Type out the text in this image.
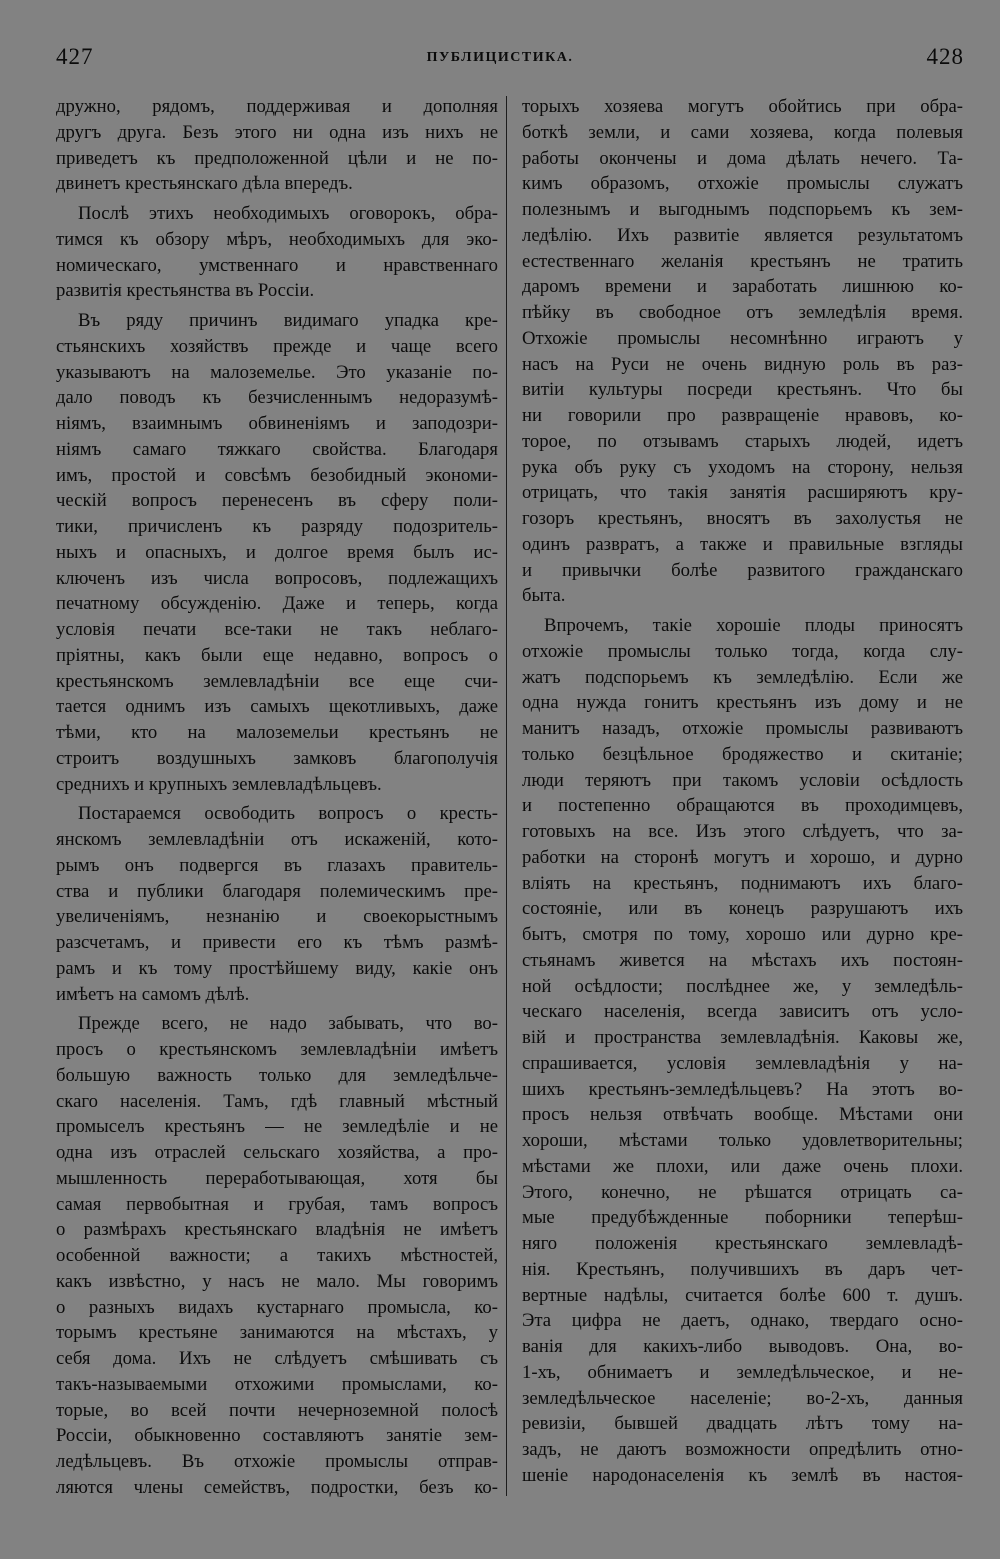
427	ПУБЛИЦИСТИКА.	428
дружно, рядомъ, поддерживая и дополняя
другъ друга. Безъ этого ни одна изъ нихъ не
приведетъ къ предположенной цѣли и не по-
двинетъ крестьянскаго дѣла впередъ.
Послѣ этихъ необходимыхъ оговорокъ, обра-
тимся къ обзору мѣръ, необходимыхъ для эко-
номическаго, умственнаго и нравственнаго
развитія крестьянства въ Россіи.
Въ ряду причинъ видимаго упадка кре-
стьянскихъ хозяйствъ прежде и чаще всего
указываютъ на малоземелье. Это указаніе по-
дало поводъ къ безчисленнымъ недоразумѣ-
ніямъ, взаимнымъ обвиненіямъ и заподозри-
ніямъ самаго тяжкаго свойства. Благодаря
имъ, простой и совсѣмъ безобидный экономи-
ческій вопросъ перенесенъ въ сферу поли-
тики, причисленъ къ разряду подозритель-
ныхъ и опасныхъ, и долгое время былъ ис-
ключенъ изъ числа вопросовъ, подлежащихъ
печатному обсужденію. Даже и теперь, когда
условія печати все-таки не такъ неблаго-
пріятны, какъ были еще недавно, вопросъ о
крестьянскомъ землевладѣніи все еще счи-
тается однимъ изъ самыхъ щекотливыхъ, даже
тѣми, кто на малоземельи крестьянъ не
строитъ воздушныхъ замковъ благополучія
среднихъ и крупныхъ землевладѣльцевъ.
Постараемся освободить вопросъ о кресть-
янскомъ землевладѣніи отъ искаженій, кото-
рымъ онъ подвергся въ глазахъ правитель-
ства и публики благодаря полемическимъ пре-
увеличеніямъ, незнанію и своекорыстнымъ
разсчетамъ, и привести его къ тѣмъ размѣ-
рамъ и къ тому простѣйшему виду, какіе онъ
имѣетъ на самомъ дѣлѣ.
Прежде всего, не надо забывать, что во-
просъ о крестьянскомъ землевладѣніи имѣетъ
большую важность только для земледѣльче-
скаго населенія. Тамъ, гдѣ главный мѣстный
промыселъ крестьянъ — не земледѣліе и не
одна изъ отраслей сельскаго хозяйства, а про-
мышленность переработывающая, хотя бы
самая первобытная и грубая, тамъ вопросъ
о размѣрахъ крестьянскаго владѣнія не имѣетъ
особенной важности; а такихъ мѣстностей,
какъ извѣстно, у насъ не мало. Мы говоримъ
о разныхъ видахъ кустарнаго промысла, ко-
торымъ крестьяне занимаются на мѣстахъ, у
себя дома. Ихъ не слѣдуетъ смѣшивать съ
такъ-называемыми отхожими промыслами, ко-
торые, во всей почти нечерноземной полосѣ
Россіи, обыкновенно составляютъ занятіе зем-
ледѣльцевъ. Въ отхожіе промыслы отправ-
ляются члены семействъ, подростки, безъ ко-
торыхъ хозяева могутъ обойтись при обра-
боткѣ земли, и сами хозяева, когда полевыя
работы окончены и дома дѣлать нечего. Та-
кимъ образомъ, отхожіе промыслы служатъ
полезнымъ и выгоднымъ подспорьемъ къ зем-
ледѣлію. Ихъ развитіе является результатомъ
естественнаго желанія крестьянъ не тратить
даромъ времени и заработать лишнюю ко-
пѣйку въ свободное отъ земледѣлія время.
Отхожіе промыслы несомнѣнно играютъ у
насъ на Руси не очень видную роль въ раз-
витіи культуры посреди крестьянъ. Что бы
ни говорили про развращеніе нравовъ, ко-
торое, по отзывамъ старыхъ людей, идетъ
рука объ руку съ уходомъ на сторону, нельзя
отрицать, что такія занятія расширяютъ кру-
гозоръ крестьянъ, вносятъ въ захолустья не
одинъ развратъ, а также и правильные взгляды
и привычки болѣе развитого гражданскаго
быта.
Впрочемъ, такіе хорошіе плоды приносятъ
отхожіе промыслы только тогда, когда слу-
жатъ подспорьемъ къ земледѣлію. Если же
одна нужда гонитъ крестьянъ изъ дому и не
манитъ назадъ, отхожіе промыслы развиваютъ
только безцѣльное бродяжество и скитаніе;
люди теряютъ при такомъ условіи осѣдлость
и постепенно обращаются въ проходимцевъ,
готовыхъ на все. Изъ этого слѣдуетъ, что за-
работки на сторонѣ могутъ и хорошо, и дурно
вліять на крестьянъ, поднимаютъ ихъ благо-
состояніе, или въ конецъ разрушаютъ ихъ
бытъ, смотря по тому, хорошо или дурно кре-
стьянамъ живется на мѣстахъ ихъ постоян-
ной осѣдлости; послѣднее же, у земледѣль-
ческаго населенія, всегда зависитъ отъ усло-
вій и пространства землевладѣнія. Каковы же,
спрашивается, условія землевладѣнія у на-
шихъ крестьянъ-земледѣльцевъ? На этотъ во-
просъ нельзя отвѣчать вообще. Мѣстами они
хороши, мѣстами только удовлетворительны;
мѣстами же плохи, или даже очень плохи.
Этого, конечно, не рѣшатся отрицать са-
мые предубѣжденные поборники теперѣш-
няго положенія крестьянскаго землевладѣ-
нія. Крестьянъ, получившихъ въ даръ чет-
вертные надѣлы, считается болѣе 600 т. душъ.
Эта цифра не даетъ, однако, твердаго осно-
ванія для какихъ-либо выводовъ. Она, во-
1-хъ, обнимаетъ и земледѣльческое, и не-
земледѣльческое населеніе; во-2-хъ, данныя
ревизіи, бывшей двадцать лѣтъ тому на-
задъ, не даютъ возможности опредѣлить отно-
шеніе народонаселенія къ землѣ въ настоя-
